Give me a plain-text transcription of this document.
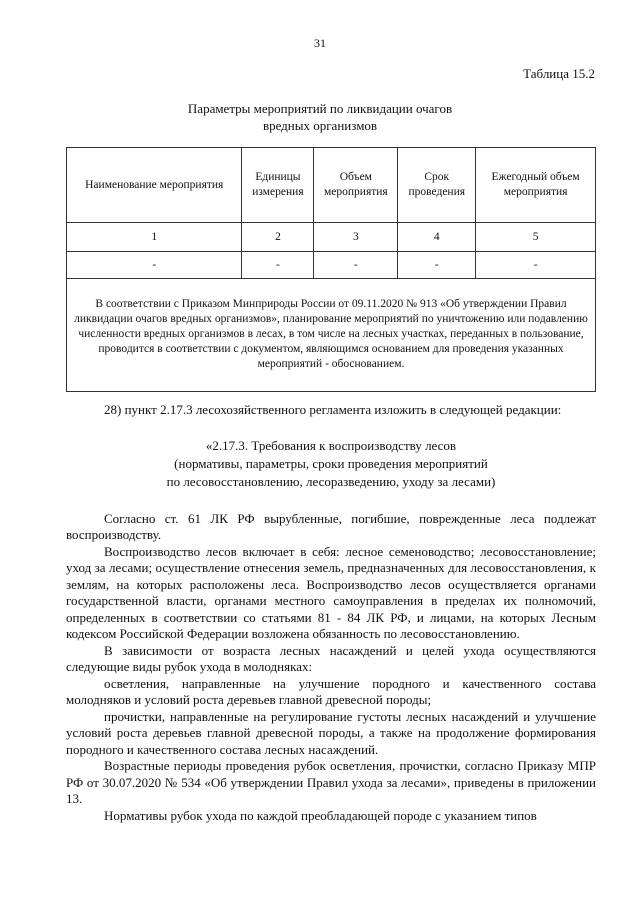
31
Таблица 15.2
Параметры мероприятий по ликвидации очагов
вредных организмов
Наименование мероприятия	Единицы измерения	Объем мероприятия	Срок проведения	Ежегодный объем мероприятия
1	2	3	4	5
-	-	-	-	-

В соответствии с Приказом Минприроды России от 09.11.2020 № 913 «Об утверждении Правил ликвидации очагов вредных организмов», планирование мероприятий по уничтожению или подавлению численности вредных организмов в лесах, в том числе на лесных участках, переданных в пользование, проводится в соответствии с документом, являющимся основанием для проведения указанных мероприятий - обоснованием.				
28) пункт 2.17.3 лесохозяйственного регламента изложить в следующей редакции:
«2.17.3. Требования к воспроизводству лесов
(нормативы, параметры, сроки проведения мероприятий
по лесовосстановлению, лесоразведению, уходу за лесами)
Согласно ст. 61 ЛК РФ вырубленные, погибшие, поврежденные леса подлежат воспроизводству.
Воспроизводство лесов включает в себя: лесное семеноводство; лесовосстановление; уход за лесами; осуществление отнесения земель, предназначенных для лесовосстановления, к землям, на которых расположены леса. Воспроизводство лесов осуществляется органами государственной власти, органами местного самоуправления в пределах их полномочий, определенных в соответствии со статьями 81 - 84 ЛК РФ, и лицами, на которых Лесным кодексом Российской Федерации возложена обязанность по лесовосстановлению.
В зависимости от возраста лесных насаждений и целей ухода осуществляются следующие виды рубок ухода в молодняках:
осветления, направленные на улучшение породного и качественного состава молодняков и условий роста деревьев главной древесной породы;
прочистки, направленные на регулирование густоты лесных насаждений и улучшение условий роста деревьев главной древесной породы, а также на продолжение формирования породного и качественного состава лесных насаждений.
Возрастные периоды проведения рубок осветления, прочистки, согласно Приказу МПР РФ от 30.07.2020 № 534 «Об утверждении Правил ухода за лесами», приведены в приложении 13.
Нормативы рубок ухода по каждой преобладающей породе с указанием типов
